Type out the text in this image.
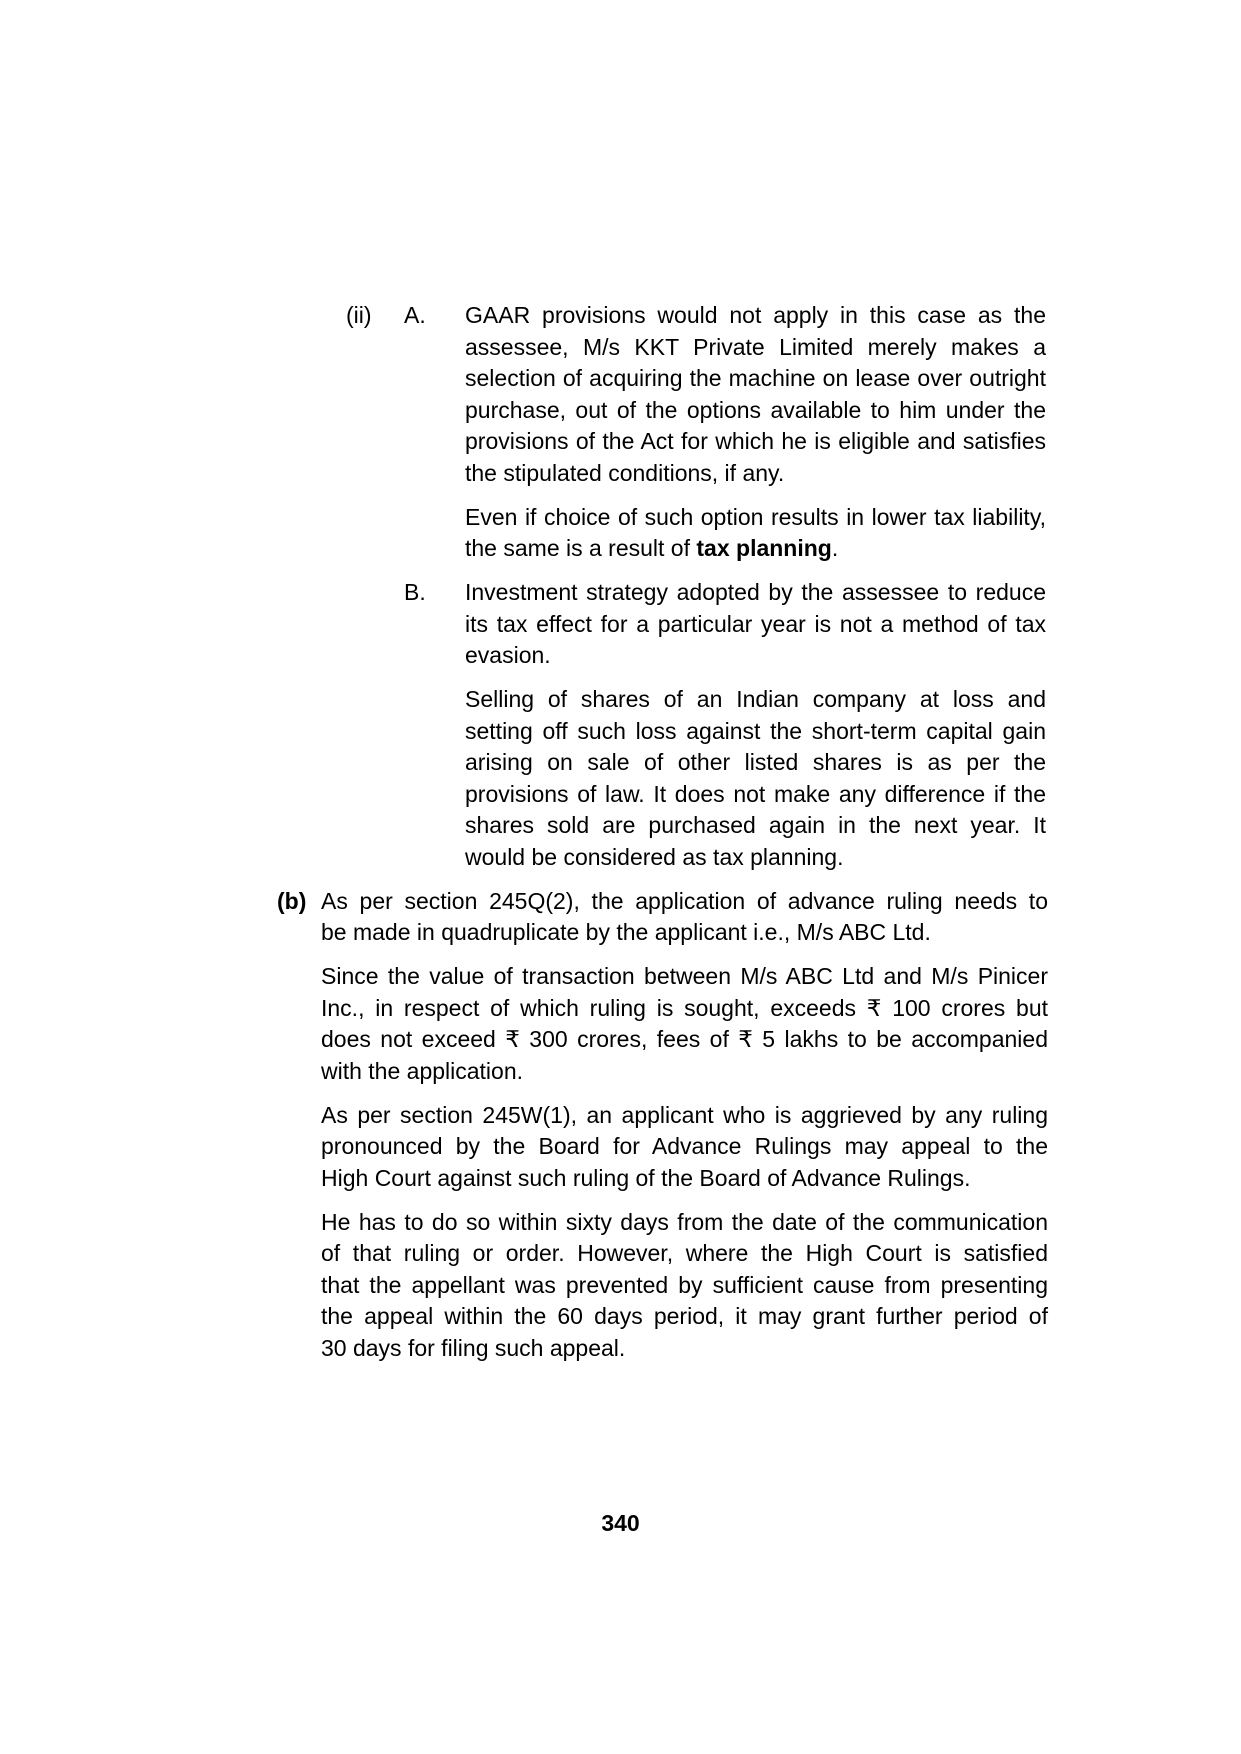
(ii)	A.	GAAR provisions would not apply in this case as the
assessee, M/s KKT Private Limited merely makes a
selection of acquiring the machine on lease over outright
purchase, out of the options available to him under the
provisions of the Act for which he is eligible and satisfies
the stipulated conditions, if any.
Even if choice of such option results in lower tax liability,
the same is a result of tax planning.
B.	Investment strategy adopted by the assessee to reduce
its tax effect for a particular year is not a method of tax
evasion.
Selling of shares of an Indian company at loss and
setting off such loss against the short-term capital gain
arising on sale of other listed shares is as per the
provisions of law. It does not make any difference if the
shares sold are purchased again in the next year. It
would be considered as tax planning.
(b) As per section 245Q(2), the application of advance ruling needs to
be made in quadruplicate by the applicant i.e., M/s ABC Ltd.
Since the value of transaction between M/s ABC Ltd and M/s Pinicer
Inc., in respect of which ruling is sought, exceeds ₹ 100 crores but
does not exceed ₹ 300 crores, fees of ₹ 5 lakhs to be accompanied
with the application.
As per section 245W(1), an applicant who is aggrieved by any ruling
pronounced by the Board for Advance Rulings may appeal to the
High Court against such ruling of the Board of Advance Rulings.
He has to do so within sixty days from the date of the communication
of that ruling or order. However, where the High Court is satisfied
that the appellant was prevented by sufficient cause from presenting
the appeal within the 60 days period, it may grant further period of
30 days for filing such appeal.
340
